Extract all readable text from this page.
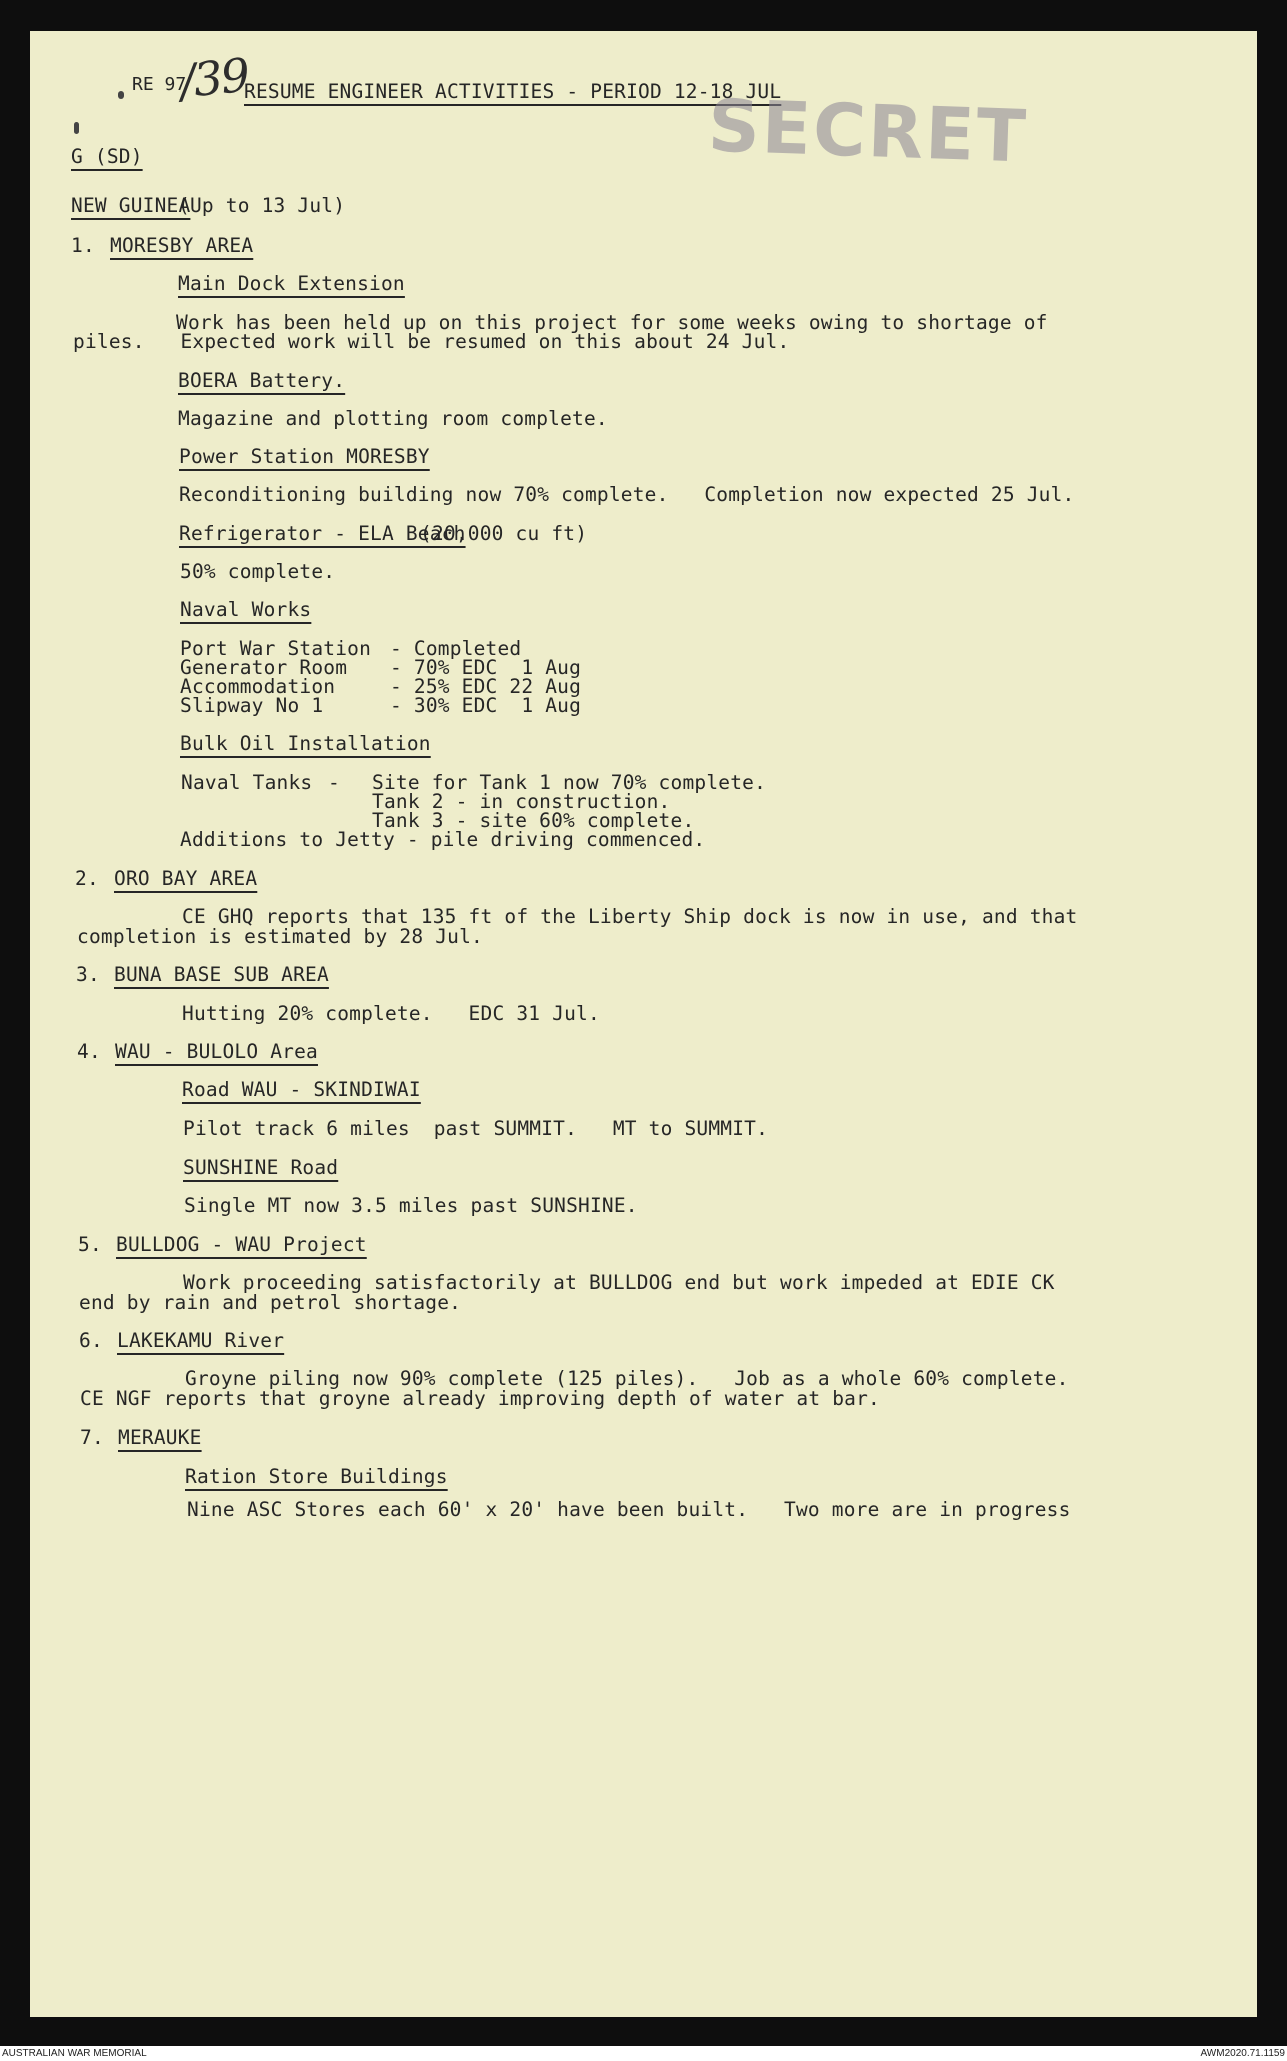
RE 97
/39
RESUME ENGINEER ACTIVITIES - PERIOD 12-18 JUL
SECRET
G (SD)
NEW GUINEA
(Up to 13 Jul)
1. MORESBY AREA
Main Dock Extension
Work has been held up on this project for some weeks owing to shortage of
piles.   Expected work will be resumed on this about 24 Jul.
BOERA Battery.
Magazine and plotting room complete.
Power Station MORESBY
Reconditioning building now 70% complete.   Completion now expected 25 Jul.
Refrigerator - ELA Beach
(20,000 cu ft)
50% complete.
Naval Works
Port War Station - Completed
Generator Room - 70% EDC  1 Aug
Accommodation	- 25% EDC 22 Aug
Slipway No 1	- 30% EDC  1 Aug
Bulk Oil Installation
Naval Tanks - Site for Tank 1 now 70% complete.
Tank 2 - in construction.
Tank 3 - site 60% complete.
Additions to Jetty - pile driving commenced.
2. ORO BAY AREA
CE GHQ reports that 135 ft of the Liberty Ship dock is now in use, and that
completion is estimated by 28 Jul.
3. BUNA BASE SUB AREA
Hutting 20% complete.   EDC 31 Jul.
4. WAU - BULOLO Area
Road WAU - SKINDIWAI
Pilot track 6 miles  past SUMMIT.   MT to SUMMIT.
SUNSHINE Road
Single MT now 3.5 miles past SUNSHINE.
5. BULLDOG - WAU Project
Work proceeding satisfactorily at BULLDOG end but work impeded at EDIE CK
end by rain and petrol shortage.
6. LAKEKAMU River
Groyne piling now 90% complete (125 piles).   Job as a whole 60% complete.
CE NGF reports that groyne already improving depth of water at bar.
7. MERAUKE
Ration Store Buildings
Nine ASC Stores each 60' x 20' have been built.   Two more are in progress
AUSTRALIAN WAR MEMORIAL	AWM2020.71.1159
